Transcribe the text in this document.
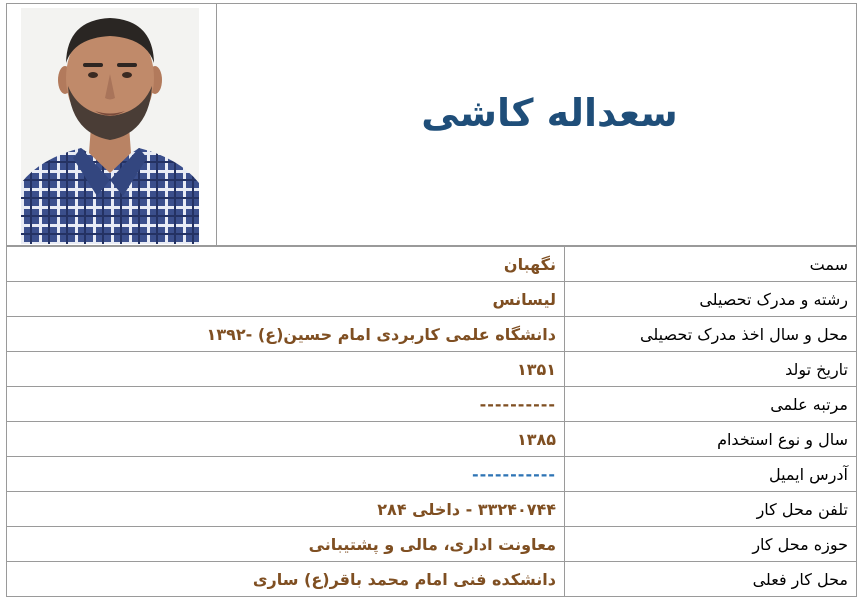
سعداله کاشی
نگهبان	سمت
لیسانس	رشته و مدرک تحصیلی
دانشگاه علمی کاربردی امام حسین(ع) -۱۳۹۲	محل و سال اخذ مدرک تحصیلی
۱۳۵۱	تاریخ تولد
----------	مرتبه علمی
۱۳۸۵	سال و نوع استخدام
-----------	آدرس ایمیل
۳۳۲۴۰۷۴۴ - داخلی ۲۸۴	تلفن محل کار
معاونت اداری، مالی و پشتیبانی	حوزه محل کار
دانشکده فنی امام محمد باقر(ع) ساری	محل کار فعلی
